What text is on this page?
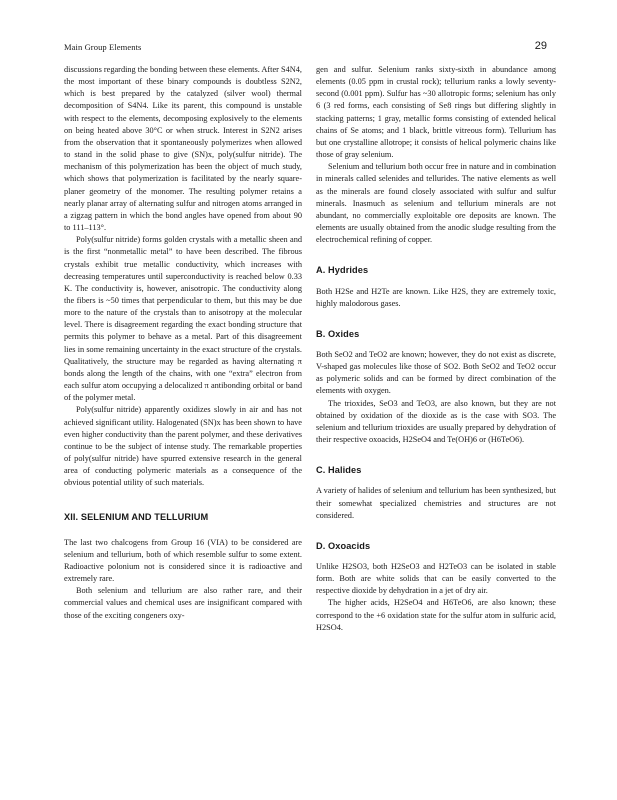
Main Group Elements	29

discussions regarding the bonding between these elements. After S4N4, the most important of these binary compounds is doubtless S2N2, which is best prepared by the catalyzed (silver wool) thermal decomposition of S4N4. Like its parent, this compound is unstable with respect to the elements, decomposing explosively to the elements on being heated above 30°C or when struck. Interest in S2N2 arises from the observation that it spontaneously polymerizes when allowed to stand in the solid phase to give (SN)x, poly(sulfur nitride). The mechanism of this polymerization has been the object of much study, which shows that polymerization is facilitated by the nearly square-planer geometry of the monomer. The resulting polymer retains a nearly planar array of alternating sulfur and nitrogen atoms arranged in a zigzag pattern in which the bond angles have opened from about 90 to 111–113°.

Poly(sulfur nitride) forms golden crystals with a metallic sheen and is the first “nonmetallic metal” to have been described. The fibrous crystals exhibit true metallic conductivity, which increases with decreasing temperatures until superconductivity is reached below 0.33 K. The conductivity is, however, anisotropic. The conductivity along the fibers is ~50 times that perpendicular to them, but this may be due more to the nature of the crystals than to anisotropy at the molecular level. There is disagreement regarding the exact bonding structure that permits this polymer to behave as a metal. Part of this disagreement lies in some remaining uncertainty in the exact structure of the crystals. Qualitatively, the structure may be regarded as having alternating π bonds along the length of the chains, with one “extra” electron from each sulfur atom occupying a delocalized π antibonding orbital or band of the polymer metal.

Poly(sulfur nitride) apparently oxidizes slowly in air and has not achieved significant utility. Halogenated (SN)x has been shown to have even higher conductivity than the parent polymer, and these derivatives continue to be the subject of intense study. The remarkable properties of poly(sulfur nitride) have spurred extensive research in the general area of conducting polymeric materials as a consequence of the obvious potential utility of such materials.

XII. SELENIUM AND TELLURIUM

The last two chalcogens from Group 16 (VIA) to be considered are selenium and tellurium, both of which resemble sulfur to some extent. Radioactive polonium not is considered since it is radioactive and extremely rare.

Both selenium and tellurium are also rather rare, and their commercial values and chemical uses are insignificant compared with those of the exciting congeners oxy-

gen and sulfur. Selenium ranks sixty-sixth in abundance among elements (0.05 ppm in crustal rock); tellurium ranks a lowly seventy-second (0.001 ppm). Sulfur has ~30 allotropic forms; selenium has only 6 (3 red forms, each consisting of Se8 rings but differing slightly in stacking patterns; 1 gray, metallic forms consisting of extended helical chains of Se atoms; and 1 black, brittle vitreous form). Tellurium has but one crystalline allotrope; it consists of helical polymeric chains like those of gray selenium.

Selenium and tellurium both occur free in nature and in combination in minerals called selenides and tellurides. The native elements as well as the minerals are found closely associated with sulfur and sulfur minerals. Inasmuch as selenium and tellurium minerals are not abundant, no commercially exploitable ore deposits are known. The elements are usually obtained from the anodic sludge resulting from the electrochemical refining of copper.

A. Hydrides

Both H2Se and H2Te are known. Like H2S, they are extremely toxic, highly malodorous gases.

B. Oxides

Both SeO2 and TeO2 are known; however, they do not exist as discrete, V-shaped gas molecules like those of SO2. Both SeO2 and TeO2 occur as polymeric solids and can be formed by direct combination of the elements with oxygen.

The trioxides, SeO3 and TeO3, are also known, but they are not obtained by oxidation of the dioxide as is the case with SO3. The selenium and tellurium trioxides are usually prepared by dehydration of their respective oxoacids, H2SeO4 and Te(OH)6 or (H6TeO6).

C. Halides

A variety of halides of selenium and tellurium has been synthesized, but their somewhat specialized chemistries and structures are not considered.

D. Oxoacids

Unlike H2SO3, both H2SeO3 and H2TeO3 can be isolated in stable form. Both are white solids that can be easily converted to the respective dioxide by dehydration in a jet of dry air.

The higher acids, H2SeO4 and H6TeO6, are also known; these correspond to the +6 oxidation state for the sulfur atom in sulfuric acid, H2SO4.
